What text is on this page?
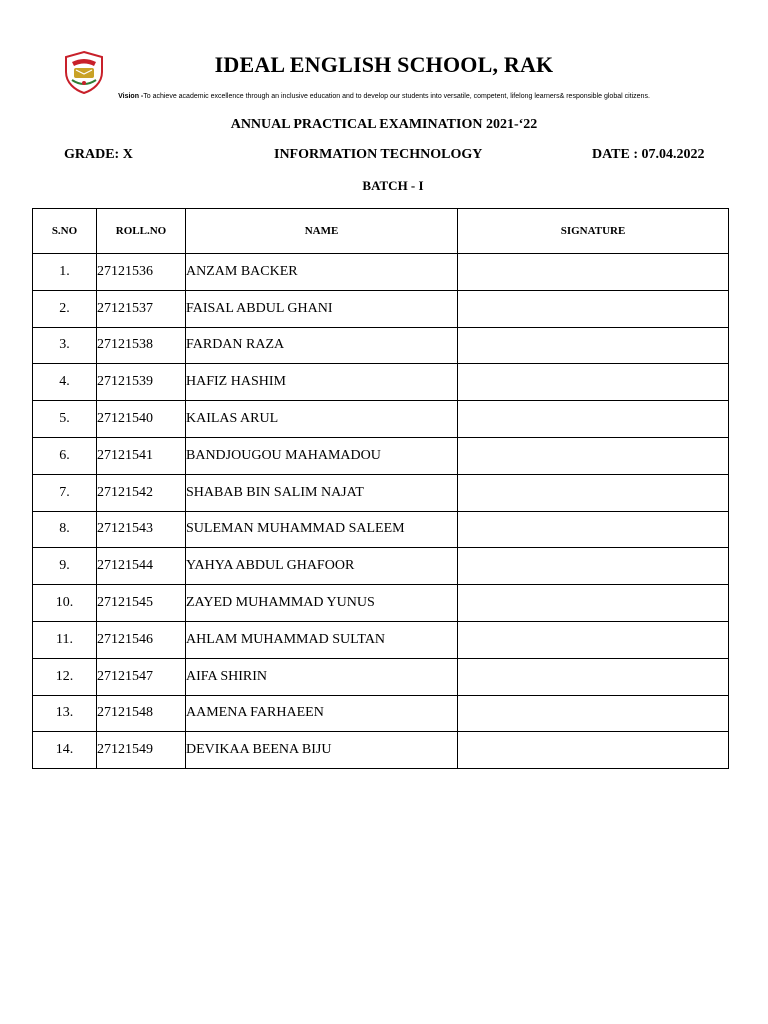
IDEAL ENGLISH SCHOOL, RAK
Vision -To achieve academic excellence through an inclusive education and to develop our students into versatile, competent, lifelong learners& responsible global citizens.
ANNUAL PRACTICAL EXAMINATION 2021-‘22
GRADE: X	INFORMATION TECHNOLOGY	DATE : 07.04.2022
BATCH - I
S.NO	ROLL.NO	NAME	SIGNATURE
1.	27121536	ANZAM BACKER	
2.	27121537	FAISAL ABDUL GHANI	
3.	27121538	FARDAN RAZA	
4.	27121539	HAFIZ HASHIM	
5.	27121540	KAILAS ARUL	
6.	27121541	BANDJOUGOU MAHAMADOU	
7.	27121542	SHABAB BIN SALIM NAJAT	
8.	27121543	SULEMAN MUHAMMAD SALEEM	
9.	27121544	YAHYA ABDUL GHAFOOR	
10.	27121545	ZAYED MUHAMMAD YUNUS	
11.	27121546	AHLAM MUHAMMAD SULTAN	
12.	27121547	AIFA SHIRIN	
13.	27121548	AAMENA FARHAEEN	
14.	27121549	DEVIKAA BEENA BIJU	
